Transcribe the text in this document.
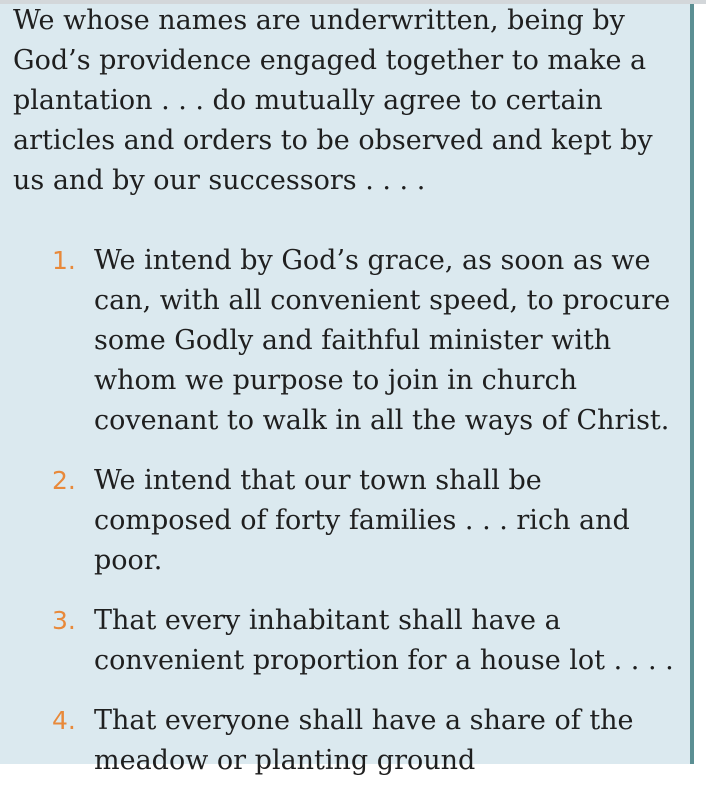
We whose names are underwritten, being by God’s providence engaged together to make a plantation . . . do mutually agree to certain articles and orders to be observed and kept by us and by our successors . . . .

1. We intend by God’s grace, as soon as we can, with all convenient speed, to procure some Godly and faithful minister with whom we purpose to join in church covenant to walk in all the ways of Christ.
2. We intend that our town shall be composed of forty families . . . rich and poor.
3. That every inhabitant shall have a convenient proportion for a house lot . . . .
4. That everyone shall have a share of the meadow or planting ground
